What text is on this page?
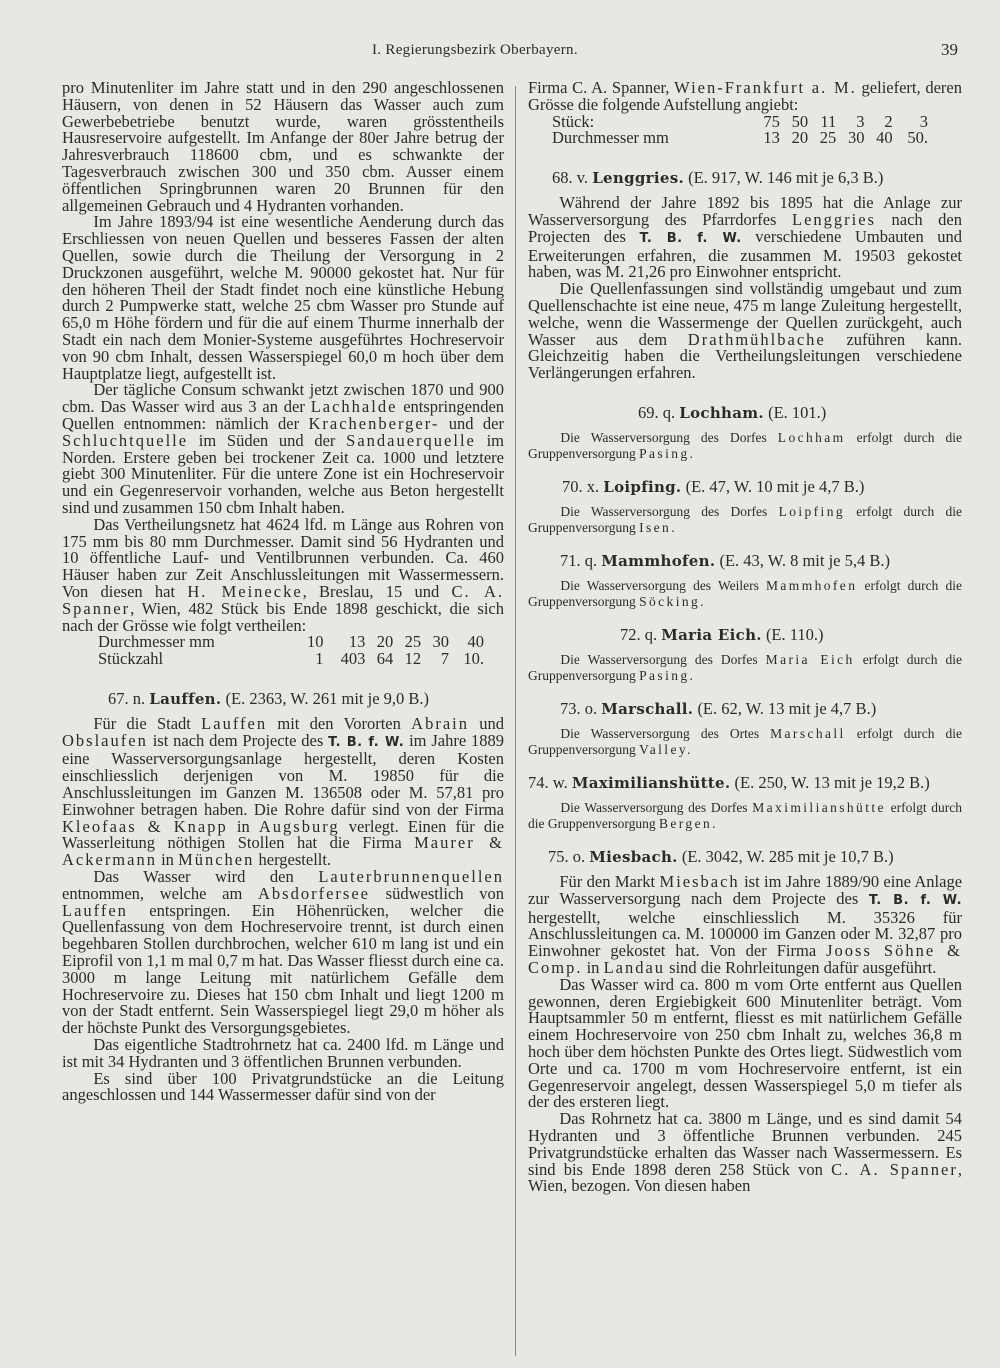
I. Regierungsbezirk Oberbayern.	39

pro Minutenliter im Jahre statt und in den 290 angeschlossenen Häusern, von denen in 52 Häusern das Wasser auch zum Gewerbebetriebe benutzt wurde, waren grösstentheils Hausreservoire aufgestellt. Im Anfange der 80er Jahre betrug der Jahresverbrauch 118600 cbm, und es schwankte der Tagesverbrauch zwischen 300 und 350 cbm. Ausser einem öffentlichen Springbrunnen waren 20 Brunnen für den allgemeinen Gebrauch und 4 Hydranten vorhanden.

Im Jahre 1893/94 ist eine wesentliche Aenderung durch das Erschliessen von neuen Quellen und besseres Fassen der alten Quellen, sowie durch die Theilung der Versorgung in 2 Druckzonen ausgeführt, welche M. 90000 gekostet hat. Nur für den höheren Theil der Stadt findet noch eine künstliche Hebung durch 2 Pumpwerke statt, welche 25 cbm Wasser pro Stunde auf 65,0 m Höhe fördern und für die auf einem Thurme innerhalb der Stadt ein nach dem Monier-Systeme ausgeführtes Hochreservoir von 90 cbm Inhalt, dessen Wasserspiegel 60,0 m hoch über dem Hauptplatze liegt, aufgestellt ist.

Der tägliche Consum schwankt jetzt zwischen 1870 und 900 cbm. Das Wasser wird aus 3 an der Lachhalde entspringenden Quellen entnommen: nämlich der Krachenberger- und der Schluchtquelle im Süden und der Sandauerquelle im Norden. Erstere geben bei trockener Zeit ca. 1000 und letztere giebt 300 Minutenliter. Für die untere Zone ist ein Hochreservoir und ein Gegenreservoir vorhanden, welche aus Beton hergestellt sind und zusammen 150 cbm Inhalt haben.

Das Vertheilungsnetz hat 4624 lfd. m Länge aus Rohren von 175 mm bis 80 mm Durchmesser. Damit sind 56 Hydranten und 10 öffentliche Lauf- und Ventilbrunnen verbunden. Ca. 460 Häuser haben zur Zeit Anschlussleitungen mit Wassermessern. Von diesen hat H. Meinecke, Breslau, 15 und C. A. Spanner, Wien, 482 Stück bis Ende 1898 geschickt, die sich nach der Grösse wie folgt vertheilen:

Durchmesser mm	10	13	20	25	30	40
Stückzahl	1	403	64	12	7	10.

67. n. Lauffen. (E. 2363, W. 261 mit je 9,0 B.)

Für die Stadt Lauffen mit den Vororten Abrain und Obslaufen ist nach dem Projecte des T. B. f. W. im Jahre 1889 eine Wasserversorgungsanlage hergestellt, deren Kosten einschliesslich derjenigen von M. 19850 für die Anschlussleitungen im Ganzen M. 136508 oder M. 57,81 pro Einwohner betragen haben. Die Rohre dafür sind von der Firma Kleofaas & Knapp in Augsburg verlegt. Einen für die Wasserleitung nöthigen Stollen hat die Firma Maurer & Ackermann in München hergestellt.

Das Wasser wird den Lauterbrunnenquellen entnommen, welche am Absdorfersee südwestlich von Lauffen entspringen. Ein Höhenrücken, welcher die Quellenfassung von dem Hochreservoire trennt, ist durch einen begehbaren Stollen durchbrochen, welcher 610 m lang ist und ein Eiprofil von 1,1 m mal 0,7 m hat. Das Wasser fliesst durch eine ca. 3000 m lange Leitung mit natürlichem Gefälle dem Hochreservoire zu. Dieses hat 150 cbm Inhalt und liegt 1200 m von der Stadt entfernt. Sein Wasserspiegel liegt 29,0 m höher als der höchste Punkt des Versorgungsgebietes.

Das eigentliche Stadtrohrnetz hat ca. 2400 lfd. m Länge und ist mit 34 Hydranten und 3 öffentlichen Brunnen verbunden.

Es sind über 100 Privatgrundstücke an die Leitung angeschlossen und 144 Wassermesser dafür sind von der

Firma C. A. Spanner, Wien-Frankfurt a. M. geliefert, deren Grösse die folgende Aufstellung angiebt:

Stück:	75	50	11	3	2	3
Durchmesser mm	13	20	25	30	40	50.

68. v. Lenggries. (E. 917, W. 146 mit je 6,3 B.)

Während der Jahre 1892 bis 1895 hat die Anlage zur Wasserversorgung des Pfarrdorfes Lenggries nach den Projecten des T. B. f. W. verschiedene Umbauten und Erweiterungen erfahren, die zusammen M. 19503 gekostet haben, was M. 21,26 pro Einwohner entspricht.

Die Quellenfassungen sind vollständig umgebaut und zum Quellenschachte ist eine neue, 475 m lange Zuleitung hergestellt, welche, wenn die Wassermenge der Quellen zurückgeht, auch Wasser aus dem Drathmühlbache zuführen kann. Gleichzeitig haben die Vertheilungsleitungen verschiedene Verlängerungen erfahren.

69. q. Lochham. (E. 101.)

Die Wasserversorgung des Dorfes Lochham erfolgt durch die Gruppenversorgung Pasing.

70. x. Loipfing. (E. 47, W. 10 mit je 4,7 B.)

Die Wasserversorgung des Dorfes Loipfing erfolgt durch die Gruppenversorgung Isen.

71. q. Mammhofen. (E. 43, W. 8 mit je 5,4 B.)

Die Wasserversorgung des Weilers Mammhofen erfolgt durch die Gruppenversorgung Söcking.

72. q. Maria Eich. (E. 110.)

Die Wasserversorgung des Dorfes Maria Eich erfolgt durch die Gruppenversorgung Pasing.

73. o. Marschall. (E. 62, W. 13 mit je 4,7 B.)

Die Wasserversorgung des Ortes Marschall erfolgt durch die Gruppenversorgung Valley.

74. w. Maximilianshütte. (E. 250, W. 13 mit je 19,2 B.)

Die Wasserversorgung des Dorfes Maximilianshütte erfolgt durch die Gruppenversorgung Bergen.

75. o. Miesbach. (E. 3042, W. 285 mit je 10,7 B.)

Für den Markt Miesbach ist im Jahre 1889/90 eine Anlage zur Wasserversorgung nach dem Projecte des T. B. f. W. hergestellt, welche einschliesslich M. 35326 für Anschlussleitungen ca. M. 100000 im Ganzen oder M. 32,87 pro Einwohner gekostet hat. Von der Firma Jooss Söhne & Comp. in Landau sind die Rohrleitungen dafür ausgeführt.

Das Wasser wird ca. 800 m vom Orte entfernt aus Quellen gewonnen, deren Ergiebigkeit 600 Minutenliter beträgt. Vom Hauptsammler 50 m entfernt, fliesst es mit natürlichem Gefälle einem Hochreservoire von 250 cbm Inhalt zu, welches 36,8 m hoch über dem höchsten Punkte des Ortes liegt. Südwestlich vom Orte und ca. 1700 m vom Hochreservoire entfernt, ist ein Gegenreservoir angelegt, dessen Wasserspiegel 5,0 m tiefer als der des ersteren liegt.

Das Rohrnetz hat ca. 3800 m Länge, und es sind damit 54 Hydranten und 3 öffentliche Brunnen verbunden. 245 Privatgrundstücke erhalten das Wasser nach Wassermessern. Es sind bis Ende 1898 deren 258 Stück von C. A. Spanner, Wien, bezogen. Von diesen haben
